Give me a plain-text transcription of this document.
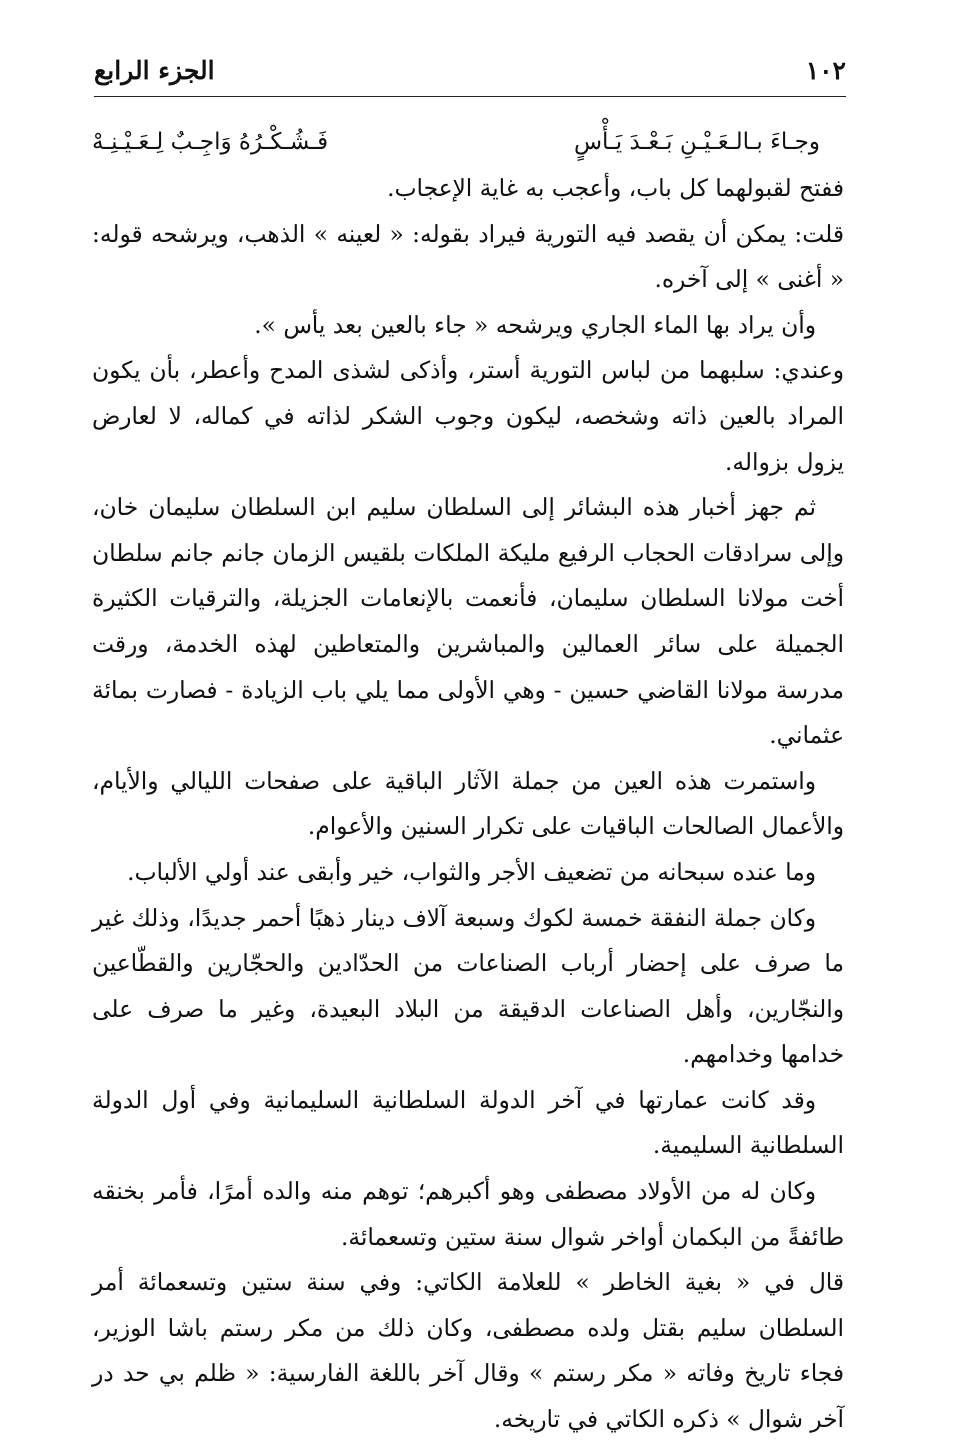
١٠٢
الجزء الرابع
وجـاءَ بـالـعَـيْـنِ بَـعْـدَ يَـأْسٍ
فَـشُـكْـرُهُ وَاجِـبٌ لِـعَـيْـنِـهْ

ففتح لقبولهما كل باب، وأعجب به غاية الإعجاب.

قلت: يمكن أن يقصد فيه التورية فيراد بقوله: « لعينه » الذهب، ويرشحه قوله: « أغنى » إلى آخره.

وأن يراد بها الماء الجاري ويرشحه « جاء بالعين بعد يأس ».

وعندي: سلبهما من لباس التورية أستر، وأذكى لشذى المدح وأعطر، بأن يكون المراد بالعين ذاته وشخصه، ليكون وجوب الشكر لذاته في كماله، لا لعارض يزول بزواله.

ثم جهز أخبار هذه البشائر إلى السلطان سليم ابن السلطان سليمان خان، وإلى سرادقات الحجاب الرفيع مليكة الملكات بلقيس الزمان جانم جانم سلطان أخت مولانا السلطان سليمان، فأنعمت بالإنعامات الجزيلة، والترقيات الكثيرة الجميلة على سائر العمالين والمباشرين والمتعاطين لهذه الخدمة، ورقت مدرسة مولانا القاضي حسين - وهي الأولى مما يلي باب الزيادة - فصارت بمائة عثماني.

واستمرت هذه العين من جملة الآثار الباقية على صفحات الليالي والأيام، والأعمال الصالحات الباقيات على تكرار السنين والأعوام.

وما عنده سبحانه من تضعيف الأجر والثواب، خير وأبقى عند أولي الألباب.

وكان جملة النفقة خمسة لكوك وسبعة آلاف دينار ذهبًا أحمر جديدًا، وذلك غير ما صرف على إحضار أرباب الصناعات من الحدّادين والحجّارين والقطّاعين والنجّارين، وأهل الصناعات الدقيقة من البلاد البعيدة، وغير ما صرف على خدامها وخدامهم.

وقد كانت عمارتها في آخر الدولة السلطانية السليمانية وفي أول الدولة السلطانية السليمية.

وكان له من الأولاد مصطفى وهو أكبرهم؛ توهم منه والده أمرًا، فأمر بخنقه طائفةً من البكمان أواخر شوال سنة ستين وتسعمائة.

قال في « بغية الخاطر » للعلامة الكاتي: وفي سنة ستين وتسعمائة أمر السلطان سليم بقتل ولده مصطفى، وكان ذلك من مكر رستم باشا الوزير، فجاء تاريخ وفاته « مكر رستم » وقال آخر باللغة الفارسية: « ظلم بي حد در آخر شوال » ذكره الكاتي في تاريخه.
